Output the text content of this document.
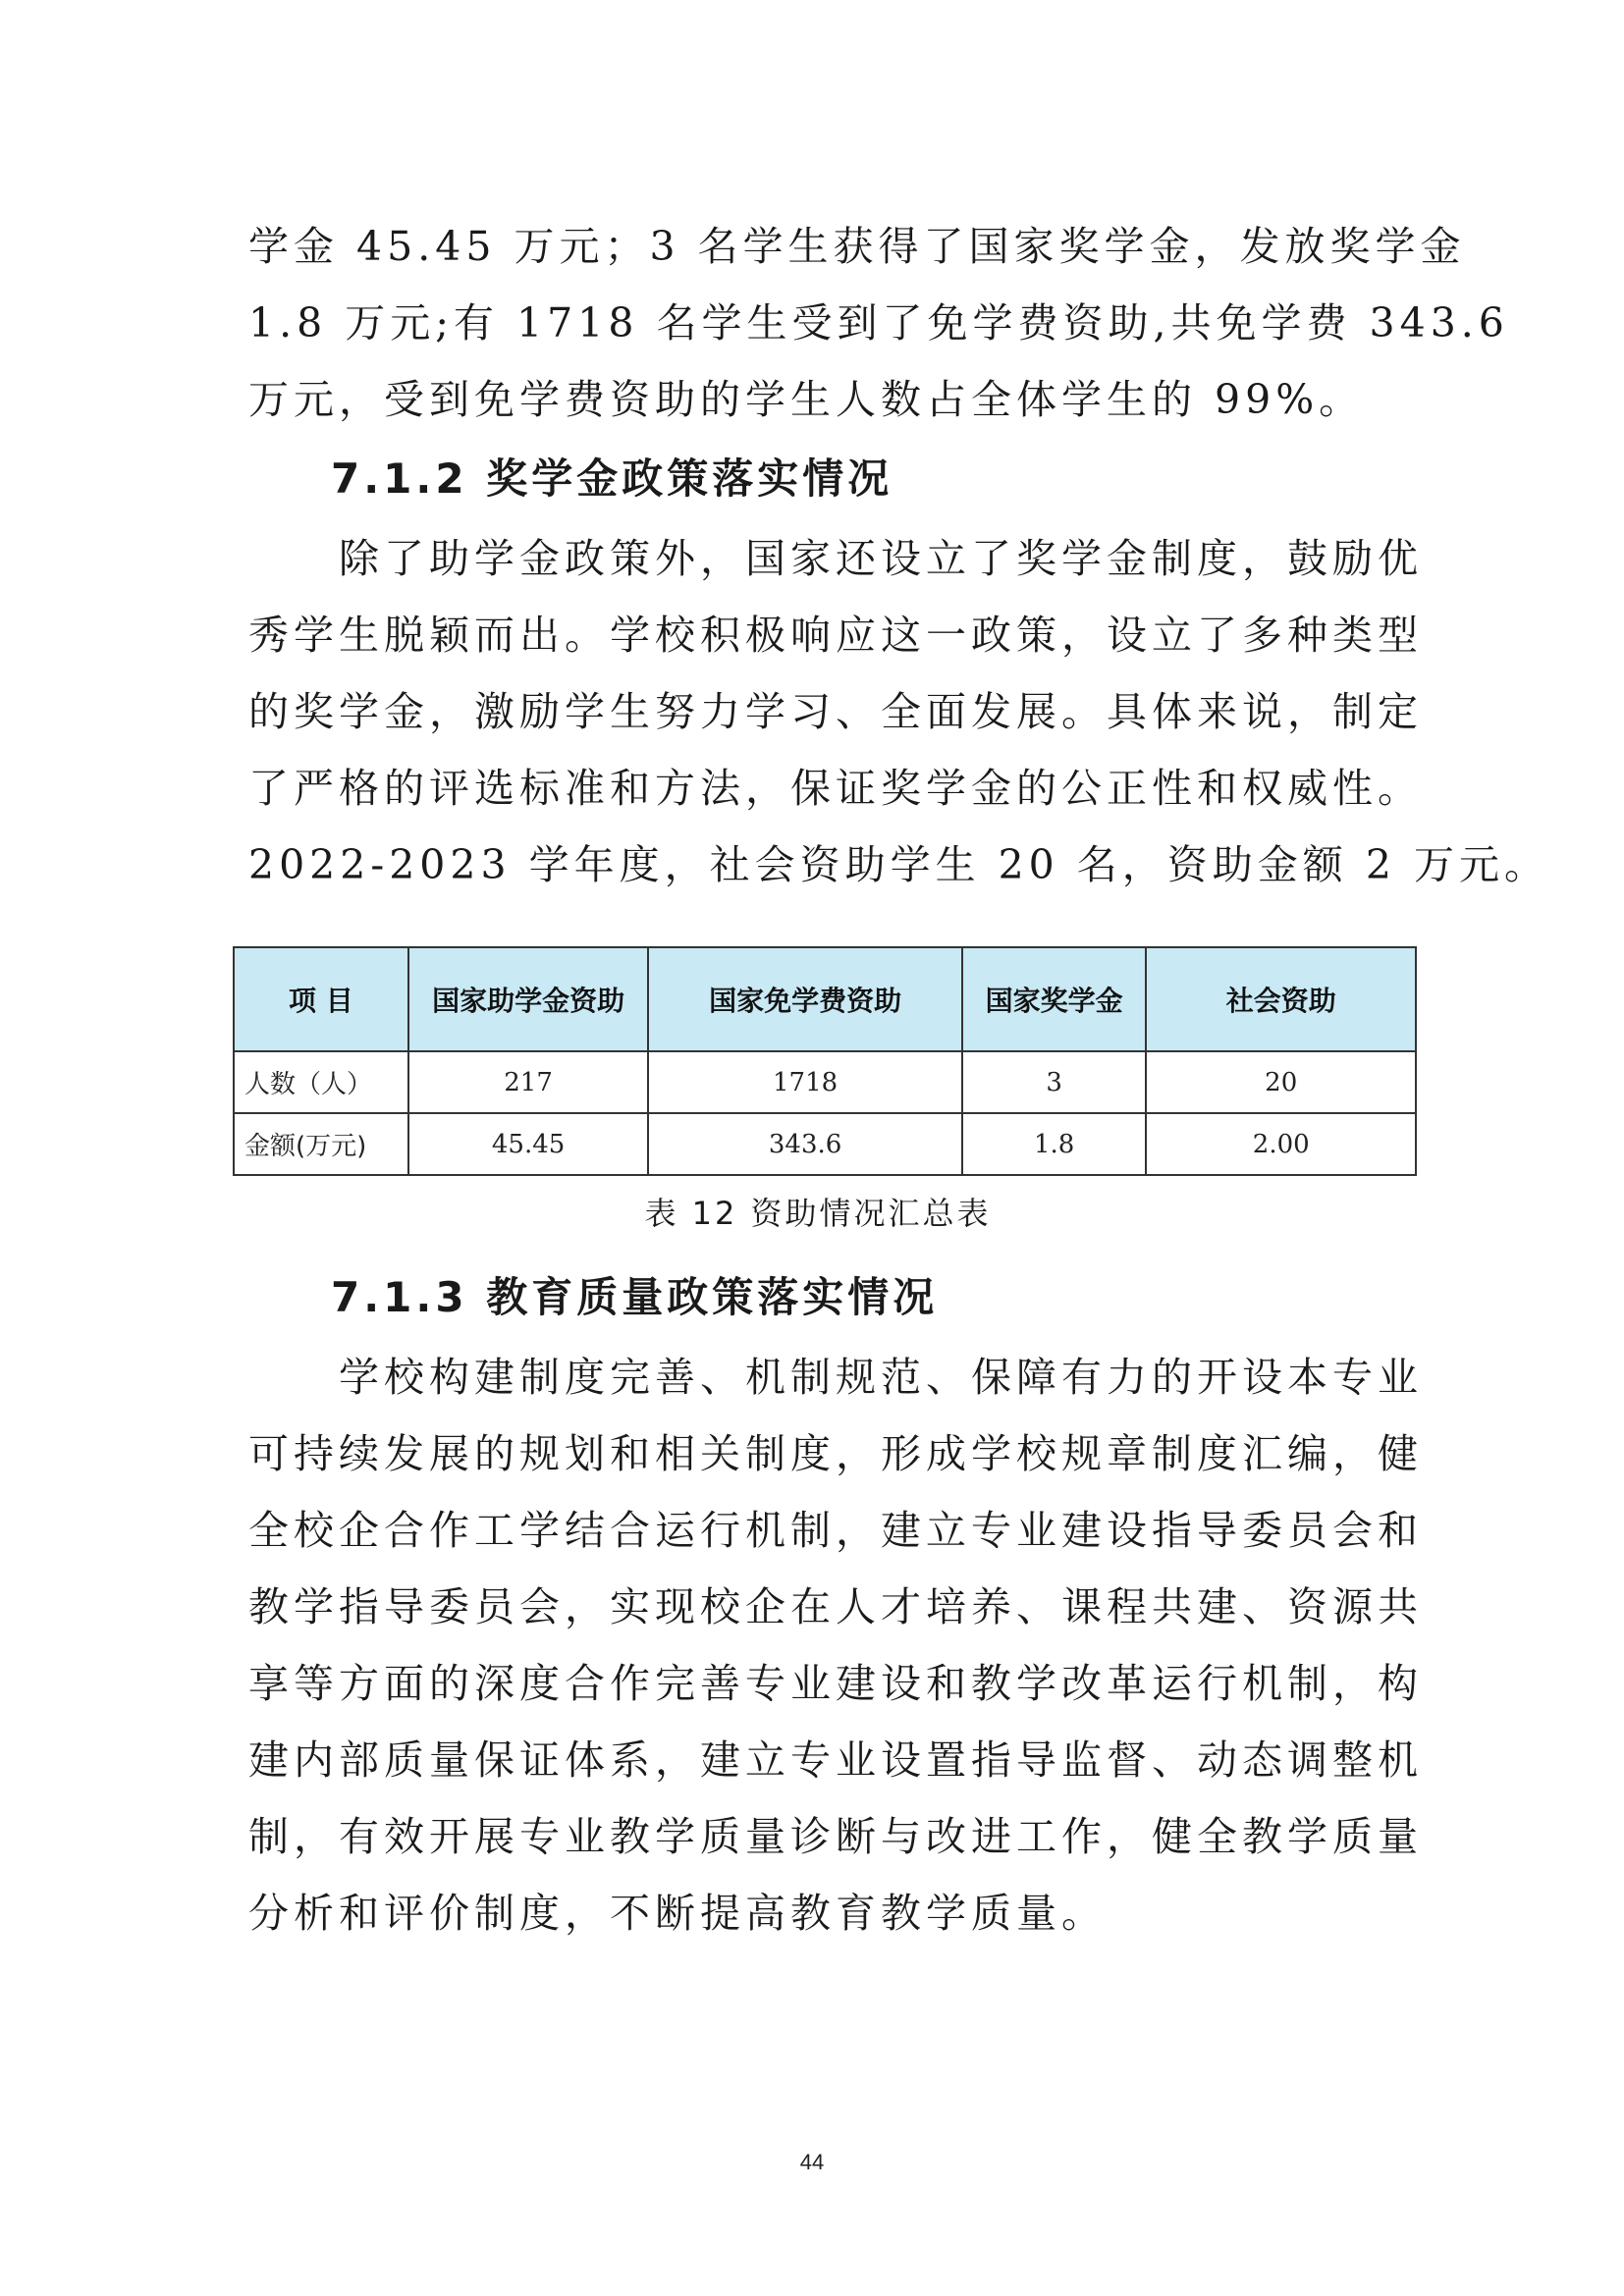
学金 45.45 万元；3 名学生获得了国家奖学金，发放奖学金
1.8 万元;有 1718 名学生受到了免学费资助,共免学费 343.6
万元，受到免学费资助的学生人数占全体学生的 99%。

7.1.2 奖学金政策落实情况

　　除了助学金政策外，国家还设立了奖学金制度，鼓励优
秀学生脱颖而出。学校积极响应这一政策，设立了多种类型
的奖学金，激励学生努力学习、全面发展。具体来说，制定
了严格的评选标准和方法，保证奖学金的公正性和权威性。
2022-2023 学年度，社会资助学生 20 名，资助金额 2 万元。

项 目	国家助学金资助	国家免学费资助	国家奖学金	社会资助
人数（人）	217	1718	3	20
金额(万元)	45.45	343.6	1.8	2.00
表 12 资助情况汇总表
7.1.3 教育质量政策落实情况

　　学校构建制度完善、机制规范、保障有力的开设本专业
可持续发展的规划和相关制度，形成学校规章制度汇编，健
全校企合作工学结合运行机制，建立专业建设指导委员会和
教学指导委员会，实现校企在人才培养、课程共建、资源共
享等方面的深度合作完善专业建设和教学改革运行机制，构
建内部质量保证体系，建立专业设置指导监督、动态调整机
制，有效开展专业教学质量诊断与改进工作，健全教学质量
分析和评价制度，不断提高教育教学质量。

44
